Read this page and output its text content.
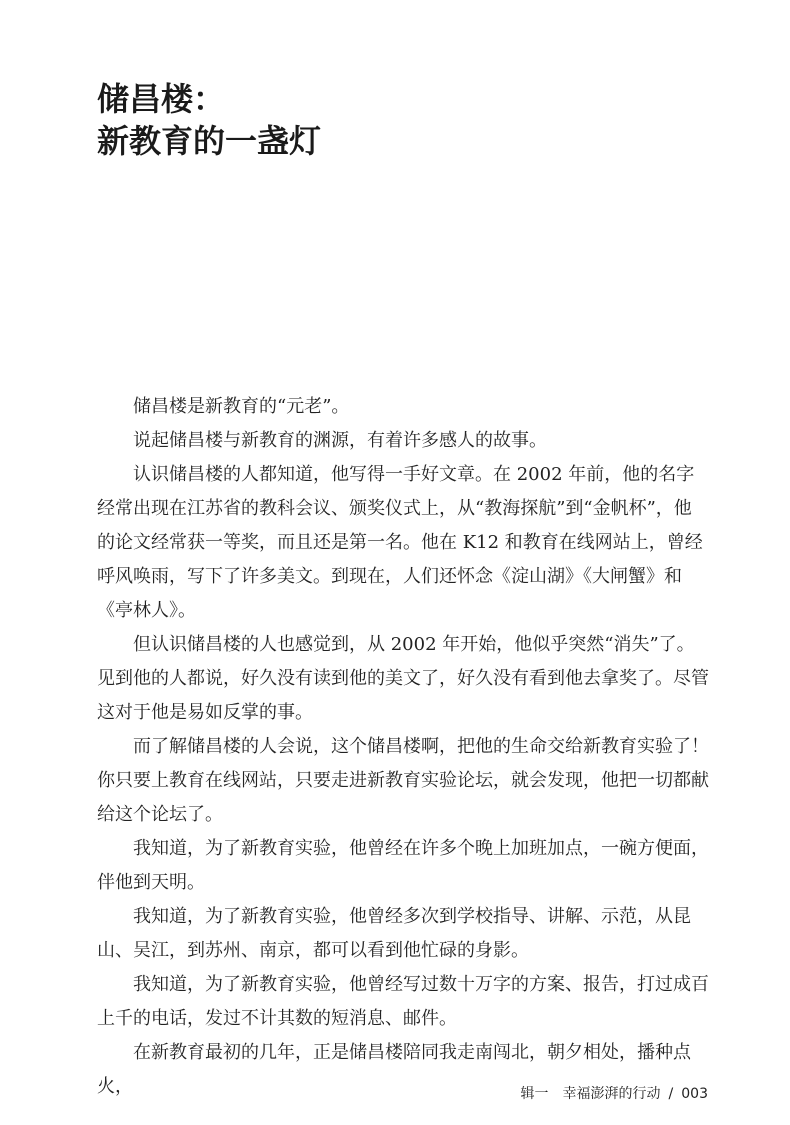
储昌楼：
新教育的一盏灯

储昌楼是新教育的“元老”。

说起储昌楼与新教育的渊源，有着许多感人的故事。

认识储昌楼的人都知道，他写得一手好文章。在 2002 年前，他的名字经常出现在江苏省的教科会议、颁奖仪式上，从“教海探航”到“金帆杯”，他的论文经常获一等奖，而且还是第一名。他在 K12 和教育在线网站上，曾经呼风唤雨，写下了许多美文。到现在，人们还怀念《淀山湖》《大闸蟹》和《亭林人》。

但认识储昌楼的人也感觉到，从 2002 年开始，他似乎突然“消失”了。见到他的人都说，好久没有读到他的美文了，好久没有看到他去拿奖了。尽管这对于他是易如反掌的事。

而了解储昌楼的人会说，这个储昌楼啊，把他的生命交给新教育实验了！你只要上教育在线网站，只要走进新教育实验论坛，就会发现，他把一切都献给这个论坛了。

我知道，为了新教育实验，他曾经在许多个晚上加班加点，一碗方便面，伴他到天明。

我知道，为了新教育实验，他曾经多次到学校指导、讲解、示范，从昆山、吴江，到苏州、南京，都可以看到他忙碌的身影。

我知道，为了新教育实验，他曾经写过数十万字的方案、报告，打过成百上千的电话，发过不计其数的短消息、邮件。

在新教育最初的几年，正是储昌楼陪同我走南闯北，朝夕相处，播种点火，	辑一　幸福澎湃的行动 / 003
